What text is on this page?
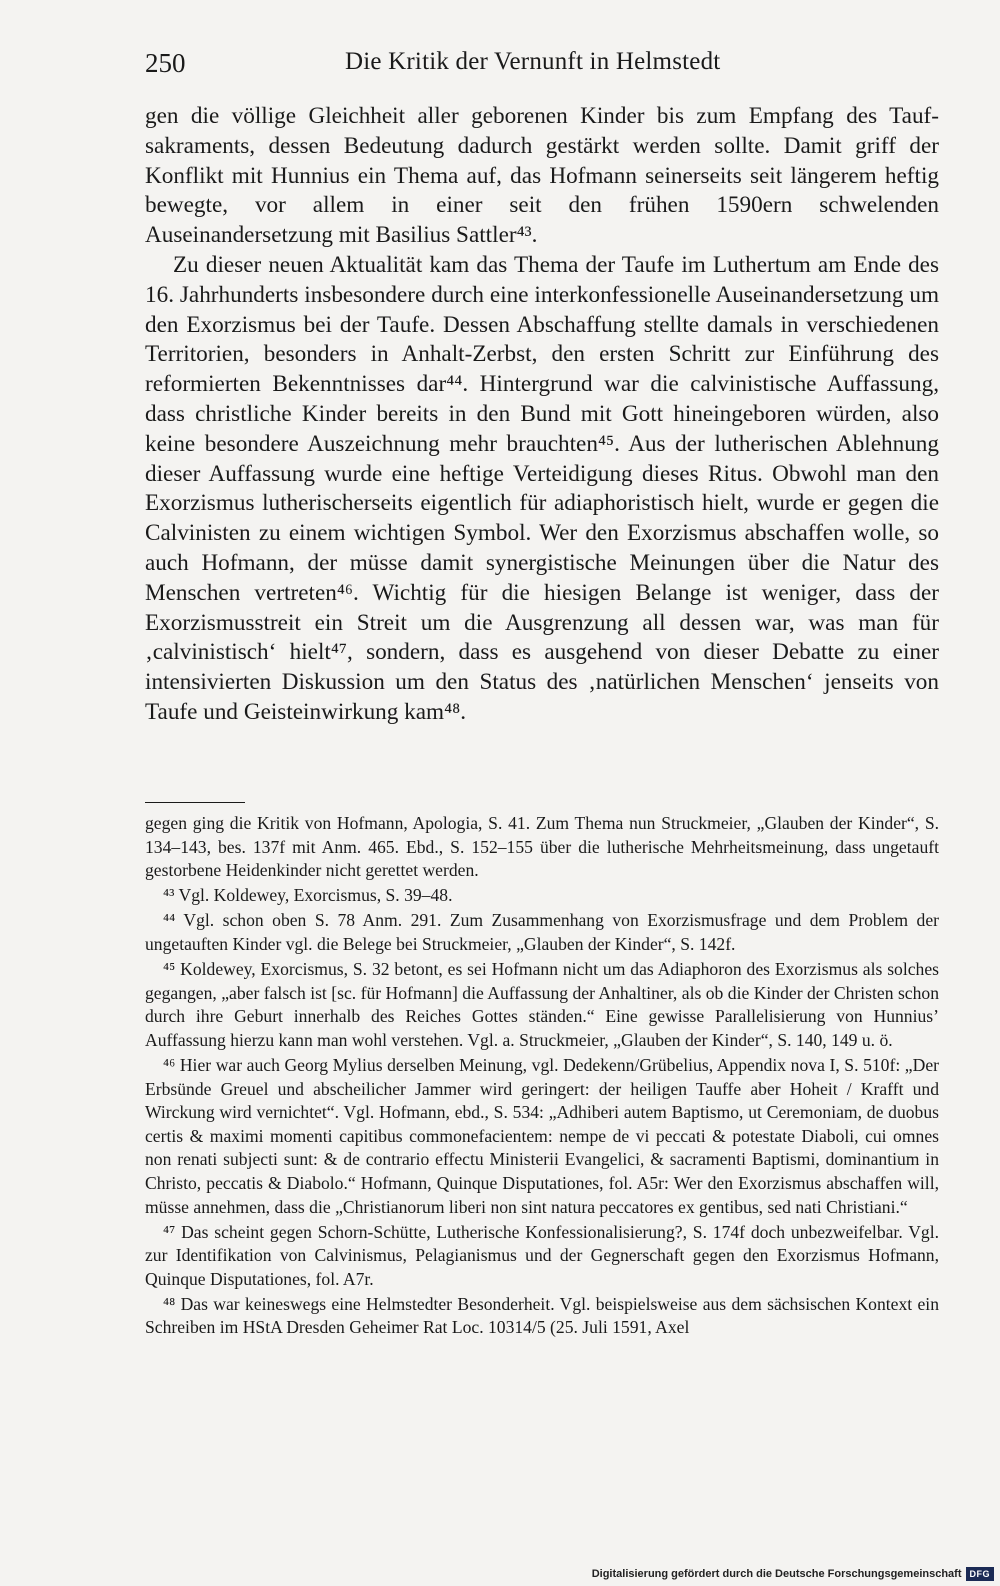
250	Die Kritik der Vernunft in Helmstedt

gen die völlige Gleichheit aller geborenen Kinder bis zum Empfang des Taufsakraments, dessen Bedeutung dadurch gestärkt werden sollte. Damit griff der Konflikt mit Hunnius ein Thema auf, das Hofmann seinerseits seit längerem heftig bewegte, vor allem in einer seit den frühen 1590ern schwelenden Auseinandersetzung mit Basilius Sattler⁴³.

Zu dieser neuen Aktualität kam das Thema der Taufe im Luthertum am Ende des 16. Jahrhunderts insbesondere durch eine interkonfessionelle Auseinandersetzung um den Exorzismus bei der Taufe. Dessen Abschaffung stellte damals in verschiedenen Territorien, besonders in Anhalt-Zerbst, den ersten Schritt zur Einführung des reformierten Bekenntnisses dar⁴⁴. Hintergrund war die calvinistische Auffassung, dass christliche Kinder bereits in den Bund mit Gott hineingeboren würden, also keine besondere Auszeichnung mehr brauchten⁴⁵. Aus der lutherischen Ablehnung dieser Auffassung wurde eine heftige Verteidigung dieses Ritus. Obwohl man den Exorzismus lutherischerseits eigentlich für adiaphoristisch hielt, wurde er gegen die Calvinisten zu einem wichtigen Symbol. Wer den Exorzismus abschaffen wolle, so auch Hofmann, der müsse damit synergistische Meinungen über die Natur des Menschen vertreten⁴⁶. Wichtig für die hiesigen Belange ist weniger, dass der Exorzismusstreit ein Streit um die Ausgrenzung all dessen war, was man für ‚calvinistisch‘ hielt⁴⁷, sondern, dass es ausgehend von dieser Debatte zu einer intensivierten Diskussion um den Status des ‚natürlichen Menschen‘ jenseits von Taufe und Geisteinwirkung kam⁴⁸.

gegen ging die Kritik von Hofmann, Apologia, S. 41. Zum Thema nun Struckmeier, „Glauben der Kinder“, S. 134–143, bes. 137f mit Anm. 465. Ebd., S. 152–155 über die lutherische Mehrheitsmeinung, dass ungetauft gestorbene Heidenkinder nicht gerettet werden.

⁴³ Vgl. Koldewey, Exorcismus, S. 39–48.

⁴⁴ Vgl. schon oben S. 78 Anm. 291. Zum Zusammenhang von Exorzismusfrage und dem Problem der ungetauften Kinder vgl. die Belege bei Struckmeier, „Glauben der Kinder“, S. 142f.

⁴⁵ Koldewey, Exorcismus, S. 32 betont, es sei Hofmann nicht um das Adiaphoron des Exorzismus als solches gegangen, „aber falsch ist [sc. für Hofmann] die Auffassung der Anhaltiner, als ob die Kinder der Christen schon durch ihre Geburt innerhalb des Reiches Gottes ständen.“ Eine gewisse Parallelisierung von Hunnius’ Auffassung hierzu kann man wohl verstehen. Vgl. a. Struckmeier, „Glauben der Kinder“, S. 140, 149 u. ö.

⁴⁶ Hier war auch Georg Mylius derselben Meinung, vgl. Dedekenn/Grübelius, Appendix nova I, S. 510f: „Der Erbsünde Greuel und abscheilicher Jammer wird geringert: der heiligen Tauffe aber Hoheit / Krafft und Wirckung wird vernichtet“. Vgl. Hofmann, ebd., S. 534: „Adhiberi autem Baptismo, ut Ceremoniam, de duobus certis & maximi momenti capitibus commonefacientem: nempe de vi peccati & potestate Diaboli, cui omnes non renati subjecti sunt: & de contrario effectu Ministerii Evangelici, & sacramenti Baptismi, dominantium in Christo, peccatis & Diabolo.“ Hofmann, Quinque Disputationes, fol. A5r: Wer den Exorzismus abschaffen will, müsse annehmen, dass die „Christianorum liberi non sint natura peccatores ex gentibus, sed nati Christiani.“

⁴⁷ Das scheint gegen Schorn-Schütte, Lutherische Konfessionalisierung?, S. 174f doch unbezweifelbar. Vgl. zur Identifikation von Calvinismus, Pelagianismus und der Gegnerschaft gegen den Exorzismus Hofmann, Quinque Disputationes, fol. A7r.

⁴⁸ Das war keineswegs eine Helmstedter Besonderheit. Vgl. beispielsweise aus dem sächsischen Kontext ein Schreiben im HStA Dresden Geheimer Rat Loc. 10314/5 (25. Juli 1591, Axel

Digitalisierung gefördert durch die Deutsche Forschungsgemeinschaft DFG
